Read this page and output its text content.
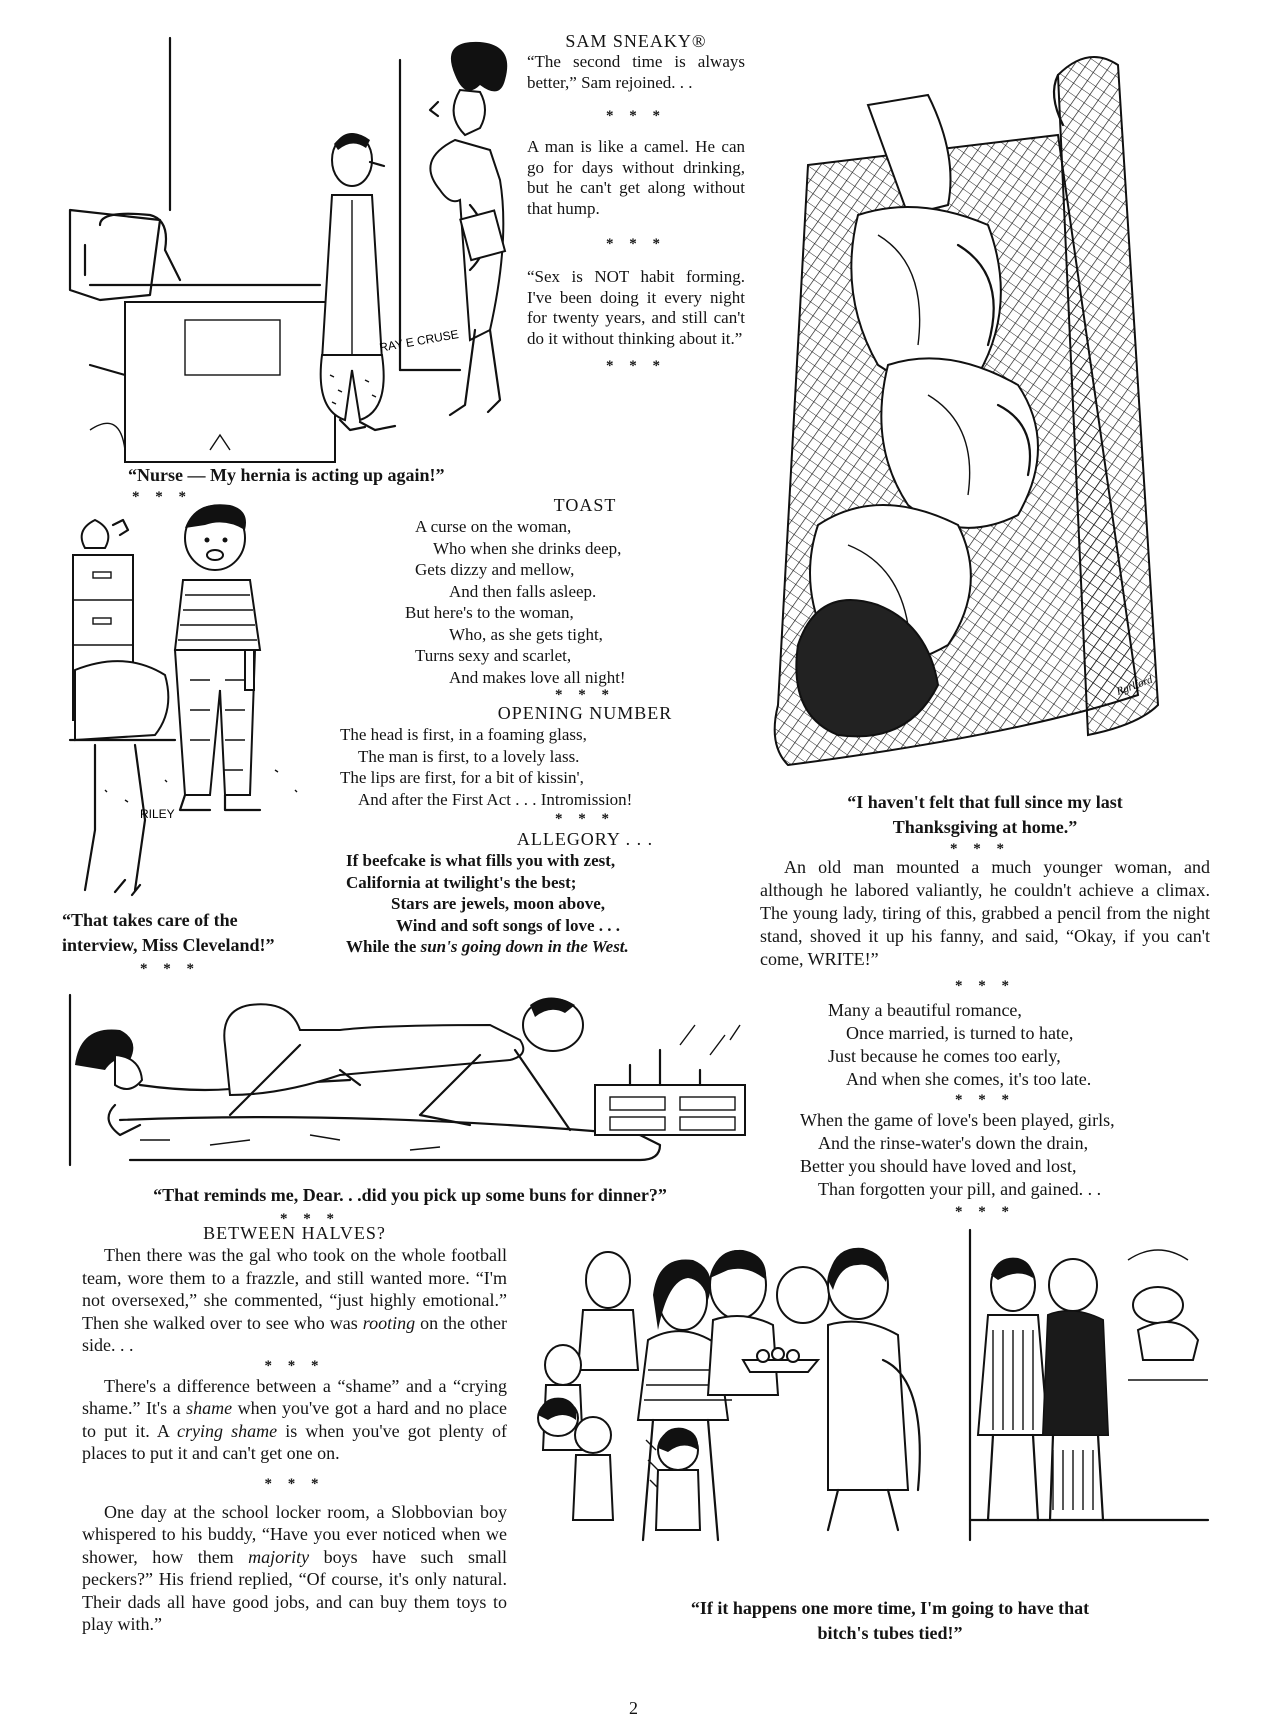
RAY E CRUSE
SAM SNEAKY®

“The second time is always better,” Sam rejoined. . .

* * *

A man is like a camel. He can go for days without drinking, but he can't get along without that hump.

* * *

“Sex is NOT habit forming. I've been doing it every night for twenty years, and still can't do it without thinking about it.”

* * *
“Nurse — My hernia is acting up again!”
* * *
Rgrlford
“I haven't felt that full since my last
Thanksgiving at home.”
* * *

An old man mounted a much younger woman, and although he labored valiantly, he couldn't achieve a climax. The young lady, tiring of this, grabbed a pencil from the night stand, shoved it up his fanny, and said, “Okay, if you can't come, WRITE!”

* * *

Many a beautiful romance,

Once married, is turned to hate,

Just because he comes too early,

And when she comes, it's too late.

* * *

When the game of love's been played, girls,

And the rinse-water's down the drain,

Better you should have loved and lost,

Than forgotten your pill, and gained. . .

* * *
RILEY
“That takes care of the
interview, Miss Cleveland!”
* * *
TOAST

A curse on the woman,

Who when she drinks deep,

Gets dizzy and mellow,

And then falls asleep.

But here's to the woman,

Who, as she gets tight,

Turns sexy and scarlet,

And makes love all night!

* * *
OPENING NUMBER

The head is first, in a foaming glass,

The man is first, to a lovely lass.

The lips are first, for a bit of kissin',

And after the First Act . . . Intromission!

* * *
ALLEGORY . . .

If beefcake is what fills you with zest,

California at twilight's the best;

Stars are jewels, moon above,

Wind and soft songs of love . . .

While the sun's going down in the West.

“That reminds me, Dear. . .did you pick up some buns for dinner?”
* * *
BETWEEN HALVES?

Then there was the gal who took on the whole football team, wore them to a frazzle, and still wanted more. “I'm not oversexed,” she commented, “just highly emotional.” Then she walked over to see who was rooting on the other side. . .

* * *

There's a difference between a “shame” and a “crying shame.” It's a shame when you've got a hard and no place to put it. A crying shame is when you've got plenty of places to put it and can't get one on.

* * *

One day at the school locker room, a Slobbovian boy whispered to his buddy, “Have you ever noticed when we shower, how them majority boys have such small peckers?” His friend replied, “Of course, it's only natural. Their dads all have good jobs, and can buy them toys to play with.”

“If it happens one more time, I'm going to have that
bitch's tubes tied!”
2
